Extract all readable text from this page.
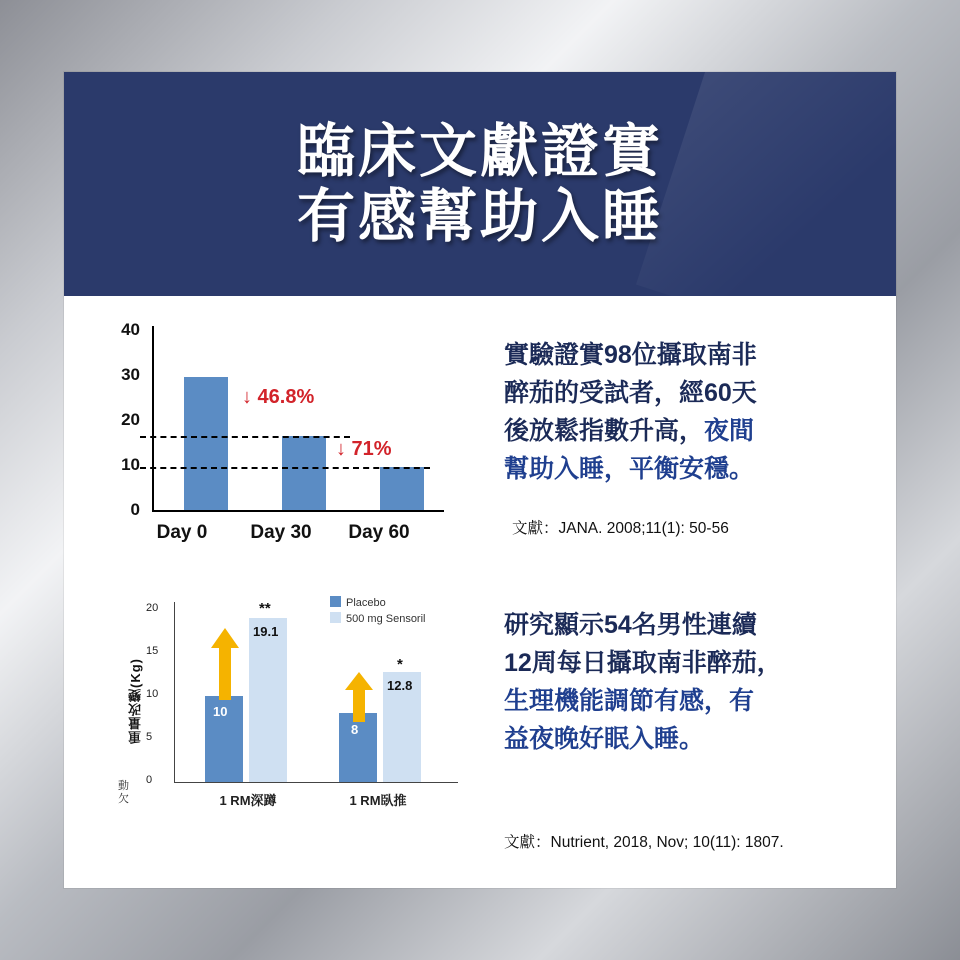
臨床文獻證實
有感幫助入睡
40
30
20
10
0
↓ 46.8%
↓ 71%
Day 0 Day 30 Day 60
實驗證實98位攝取南非
醉茄的受試者，經60天
後放鬆指數升高，夜間
幫助入睡，平衡安穩。
文獻：JANA. 2008;11(1): 50-56
重量改變(Kg)
20
15
10
5
0
Placebo
500 mg Sensoril
10
19.1
8
12.8
**
*
1 RM深蹲	1 RM臥推
動
欠
研究顯示54名男性連續
12周每日攝取南非醉茄，
生理機能調節有感，有
益夜晚好眠入睡。
文獻：Nutrient, 2018, Nov; 10(11): 1807.
